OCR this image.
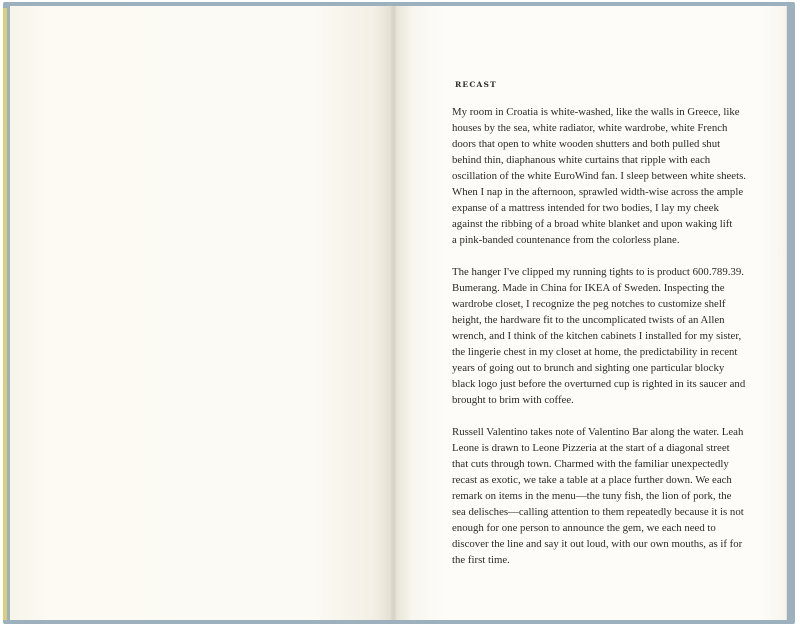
RECAST
My room in Croatia is white-washed, like the walls in Greece, like
houses by the sea, white radiator, white wardrobe, white French
doors that open to white wooden shutters and both pulled shut
behind thin, diaphanous white curtains that ripple with each
oscillation of the white EuroWind fan. I sleep between white sheets.
When I nap in the afternoon, sprawled width-wise across the ample
expanse of a mattress intended for two bodies, I lay my cheek
against the ribbing of a broad white blanket and upon waking lift
a pink-banded countenance from the colorless plane.
The hanger I've clipped my running tights to is product 600.789.39.
Bumerang. Made in China for IKEA of Sweden. Inspecting the
wardrobe closet, I recognize the peg notches to customize shelf
height, the hardware fit to the uncomplicated twists of an Allen
wrench, and I think of the kitchen cabinets I installed for my sister,
the lingerie chest in my closet at home, the predictability in recent
years of going out to brunch and sighting one particular blocky
black logo just before the overturned cup is righted in its saucer and
brought to brim with coffee.
Russell Valentino takes note of Valentino Bar along the water. Leah
Leone is drawn to Leone Pizzeria at the start of a diagonal street
that cuts through town. Charmed with the familiar unexpectedly
recast as exotic, we take a table at a place further down. We each
remark on items in the menu—the tuny fish, the lion of pork, the
sea delisches—calling attention to them repeatedly because it is not
enough for one person to announce the gem, we each need to
discover the line and say it out loud, with our own mouths, as if for
the first time.
